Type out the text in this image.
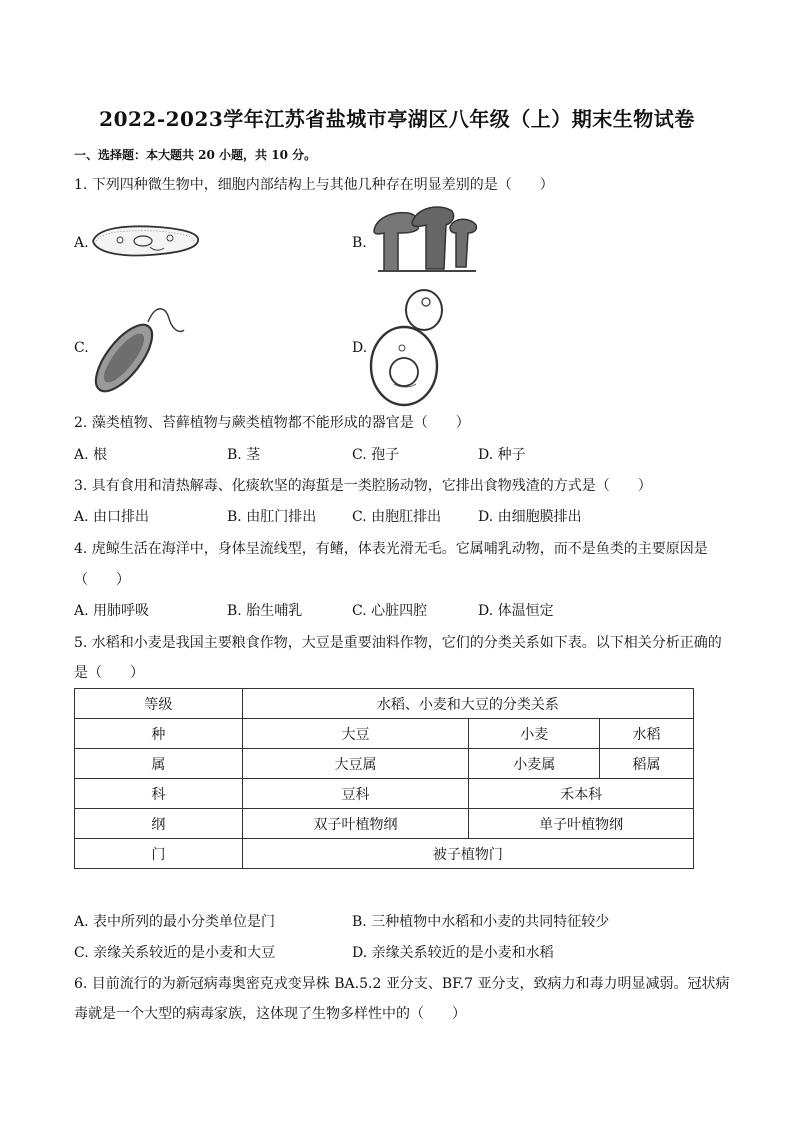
2022-2023学年江苏省盐城市亭湖区八年级（上）期末生物试卷
一、选择题：本大题共 20 小题，共 10 分。
1. 下列四种微生物中，细胞内部结构上与其他几种存在明显差别的是（　　）
A.	B.
C.	D.
2. 藻类植物、苔藓植物与蕨类植物都不能形成的器官是（　　）
A. 根	B. 茎	C. 孢子	D. 种子
3. 具有食用和清热解毒、化痰软坚的海蜇是一类腔肠动物，它排出食物残渣的方式是（　　）
A. 由口排出	B. 由肛门排出	C. 由胞肛排出	D. 由细胞膜排出
4. 虎鲸生活在海洋中，身体呈流线型，有鳍，体表光滑无毛。它属哺乳动物，而不是鱼类的主要原因是
（　　）
A. 用肺呼吸	B. 胎生哺乳	C. 心脏四腔	D. 体温恒定
5. 水稻和小麦是我国主要粮食作物，大豆是重要油料作物，它们的分类关系如下表。以下相关分析正确的
是（　　）
等级	水稻、小麦和大豆的分类关系		
种	大豆	小麦	水稻
属	大豆属	小麦属	稻属
科	豆科	禾本科	
纲	双子叶植物纲	单子叶植物纲	
门	被子植物门		
A. 表中所列的最小分类单位是门	B. 三种植物中水稻和小麦的共同特征较少
C. 亲缘关系较近的是小麦和大豆	D. 亲缘关系较近的是小麦和水稻
6. 目前流行的为新冠病毒奥密克戎变异株 BA.5.2 亚分支、BF.7 亚分支，致病力和毒力明显减弱。冠状病
毒就是一个大型的病毒家族，这体现了生物多样性中的（　　）
